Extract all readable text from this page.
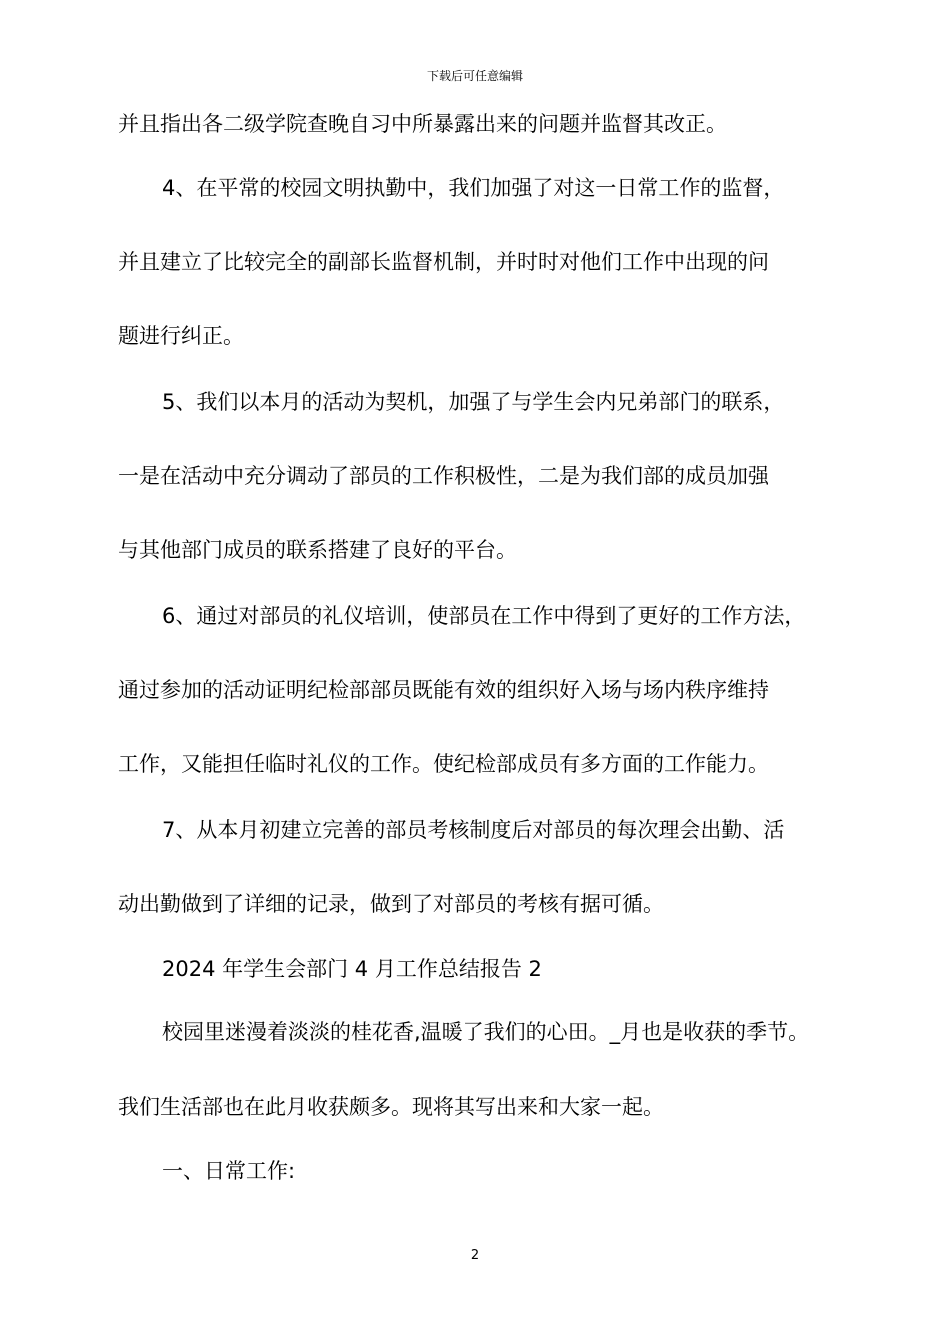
下载后可任意编辑
并且指出各二级学院查晚自习中所暴露出来的问题并监督其改正。
4、在平常的校园文明执勤中，我们加强了对这一日常工作的监督，
并且建立了比较完全的副部长监督机制，并时时对他们工作中出现的问
题进行纠正。
5、我们以本月的活动为契机，加强了与学生会内兄弟部门的联系，
一是在活动中充分调动了部员的工作积极性，二是为我们部的成员加强
与其他部门成员的联系搭建了良好的平台。
6、通过对部员的礼仪培训，使部员在工作中得到了更好的工作方法，
通过参加的活动证明纪检部部员既能有效的组织好入场与场内秩序维持
工作，又能担任临时礼仪的工作。使纪检部成员有多方面的工作能力。
7、从本月初建立完善的部员考核制度后对部员的每次理会出勤、活
动出勤做到了详细的记录，做到了对部员的考核有据可循。
2024 年学生会部门 4 月工作总结报告 2
校园里迷漫着淡淡的桂花香,温暖了我们的心田。_月也是收获的季节。
我们生活部也在此月收获颇多。现将其写出来和大家一起。
一、日常工作:
2
